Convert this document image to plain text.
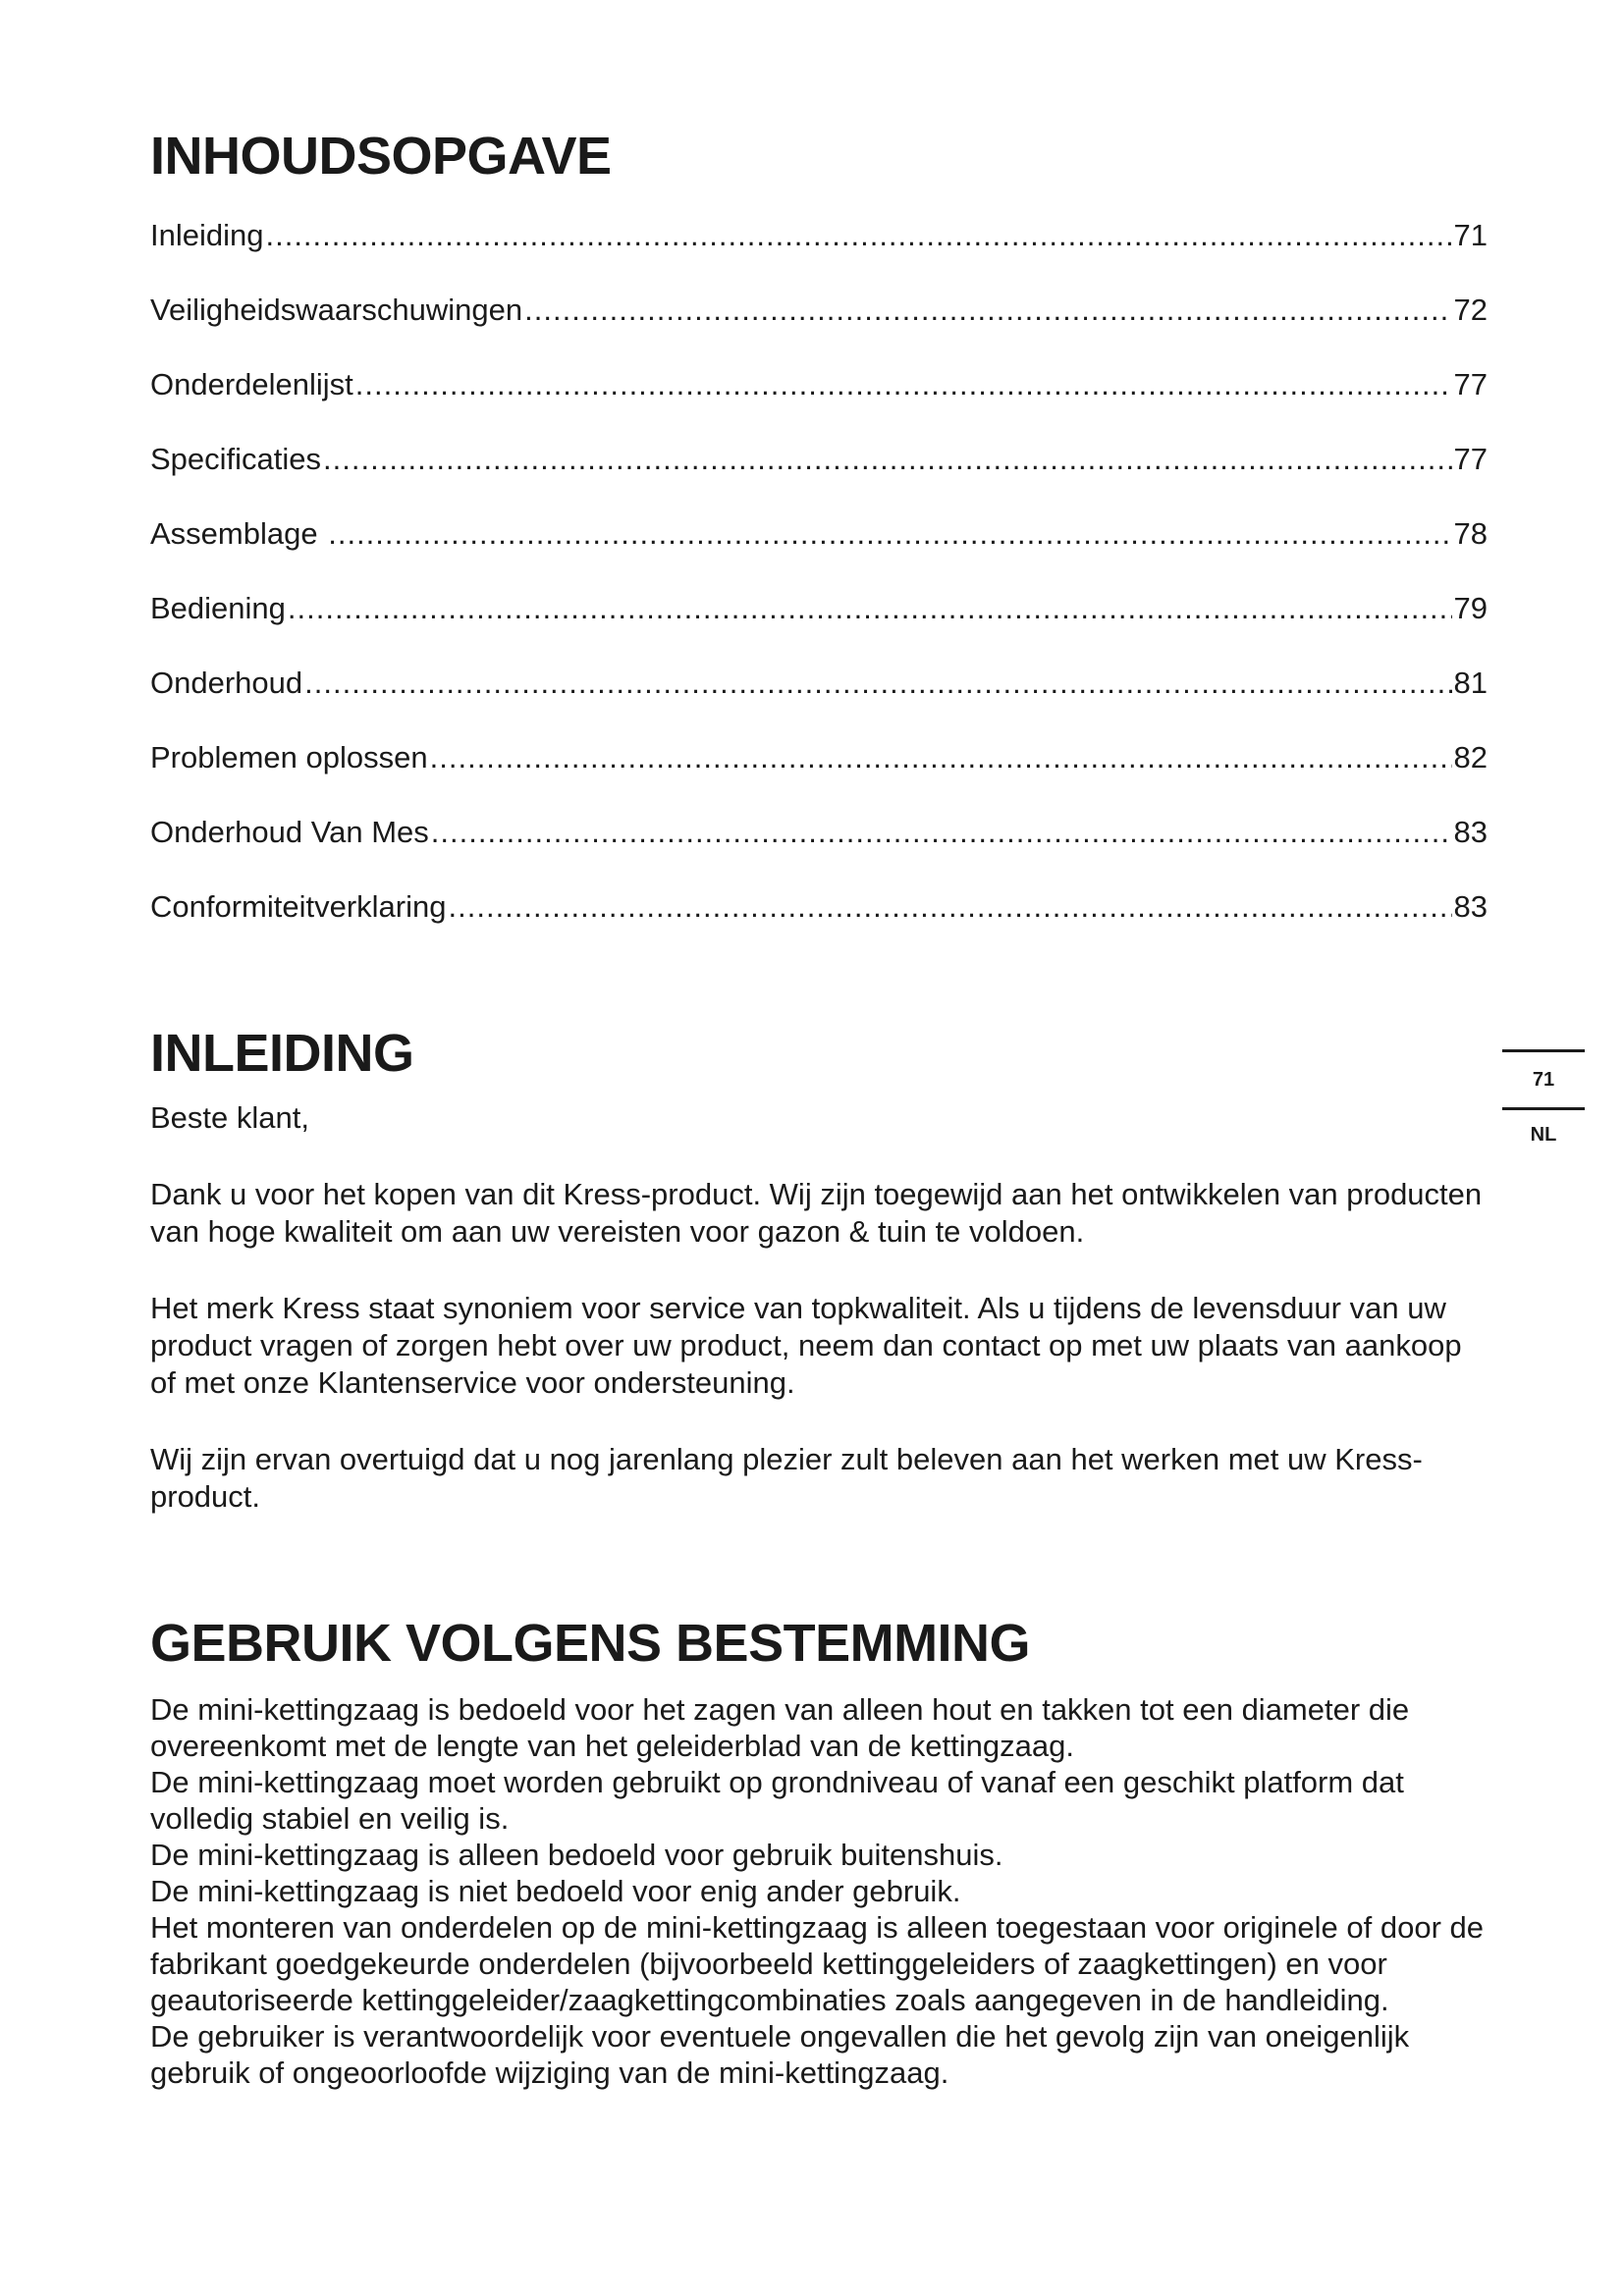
INHOUDSOPGAVE
Inleiding .....	71
Veiligheidswaarschuwingen .....	72
Onderdelenlijst .....	77
Specificaties .....	77
Assemblage .....	78
Bediening .....	79
Onderhoud .....	81
Problemen oplossen .....	82
Onderhoud Van Mes .....	83
Conformiteitverklaring .....	83
INLEIDING

Beste klant,

Dank u voor het kopen van dit Kress-product. Wij zijn toegewijd aan het ontwikkelen van producten van hoge kwaliteit om aan uw vereisten voor gazon & tuin te voldoen.

Het merk Kress staat synoniem voor service van topkwaliteit. Als u tijdens de levensduur van uw product vragen of zorgen hebt over uw product, neem dan contact op met uw plaats van aankoop of met onze Klantenservice voor ondersteuning.

Wij zijn ervan overtuigd dat u nog jarenlang plezier zult beleven aan het werken met uw Kress-product.

GEBRUIK VOLGENS BESTEMMING

De mini-kettingzaag is bedoeld voor het zagen van alleen hout en takken tot een diameter die overeenkomt met de lengte van het geleiderblad van de kettingzaag.

De mini-kettingzaag moet worden gebruikt op grondniveau of vanaf een geschikt platform dat volledig stabiel en veilig is.

De mini-kettingzaag is alleen bedoeld voor gebruik buitenshuis.

De mini-kettingzaag is niet bedoeld voor enig ander gebruik.

Het monteren van onderdelen op de mini-kettingzaag is alleen toegestaan voor originele of door de fabrikant goedgekeurde onderdelen (bijvoorbeeld kettinggeleiders of zaagkettingen) en voor geautoriseerde kettinggeleider/zaagkettingcombinaties zoals aangegeven in de handleiding.

De gebruiker is verantwoordelijk voor eventuele ongevallen die het gevolg zijn van oneigenlijk gebruik of ongeoorloofde wijziging van de mini-kettingzaag.

71
NL
